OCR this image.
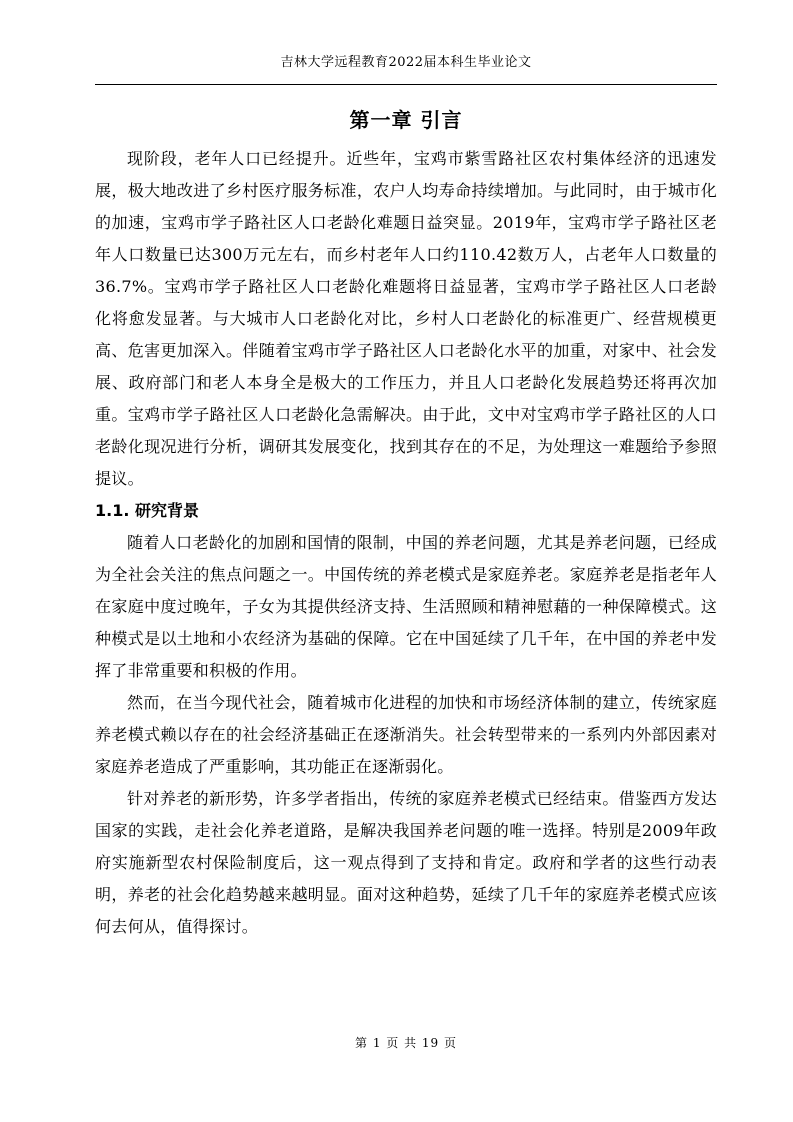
吉林大学远程教育2022届本科生毕业论文
第一章 引言

现阶段，老年人口已经提升。近些年，宝鸡市紫雪路社区农村集体经济的迅速发展，极大地改进了乡村医疗服务标准，农户人均寿命持续增加。与此同时，由于城市化的加速，宝鸡市学子路社区人口老龄化难题日益突显。2019年，宝鸡市学子路社区老年人口数量已达300万元左右，而乡村老年人口约110.42数万人，占老年人口数量的36.7%。宝鸡市学子路社区人口老龄化难题将日益显著，宝鸡市学子路社区人口老龄化将愈发显著。与大城市人口老龄化对比，乡村人口老龄化的标准更广、经营规模更高、危害更加深入。伴随着宝鸡市学子路社区人口老龄化水平的加重，对家中、社会发展、政府部门和老人本身全是极大的工作压力，并且人口老龄化发展趋势还将再次加重。宝鸡市学子路社区人口老龄化急需解决。由于此，文中对宝鸡市学子路社区的人口老龄化现况进行分析，调研其发展变化，找到其存在的不足，为处理这一难题给予参照提议。

1.1. 研究背景

随着人口老龄化的加剧和国情的限制，中国的养老问题，尤其是养老问题，已经成为全社会关注的焦点问题之一。中国传统的养老模式是家庭养老。家庭养老是指老年人在家庭中度过晚年，子女为其提供经济支持、生活照顾和精神慰藉的一种保障模式。这种模式是以土地和小农经济为基础的保障。它在中国延续了几千年，在中国的养老中发挥了非常重要和积极的作用。

然而，在当今现代社会，随着城市化进程的加快和市场经济体制的建立，传统家庭养老模式赖以存在的社会经济基础正在逐渐消失。社会转型带来的一系列内外部因素对家庭养老造成了严重影响，其功能正在逐渐弱化。

针对养老的新形势，许多学者指出，传统的家庭养老模式已经结束。借鉴西方发达国家的实践，走社会化养老道路，是解决我国养老问题的唯一选择。特别是2009年政府实施新型农村保险制度后，这一观点得到了支持和肯定。政府和学者的这些行动表明，养老的社会化趋势越来越明显。面对这种趋势，延续了几千年的家庭养老模式应该何去何从，值得探讨。

第 1 页 共 19 页
